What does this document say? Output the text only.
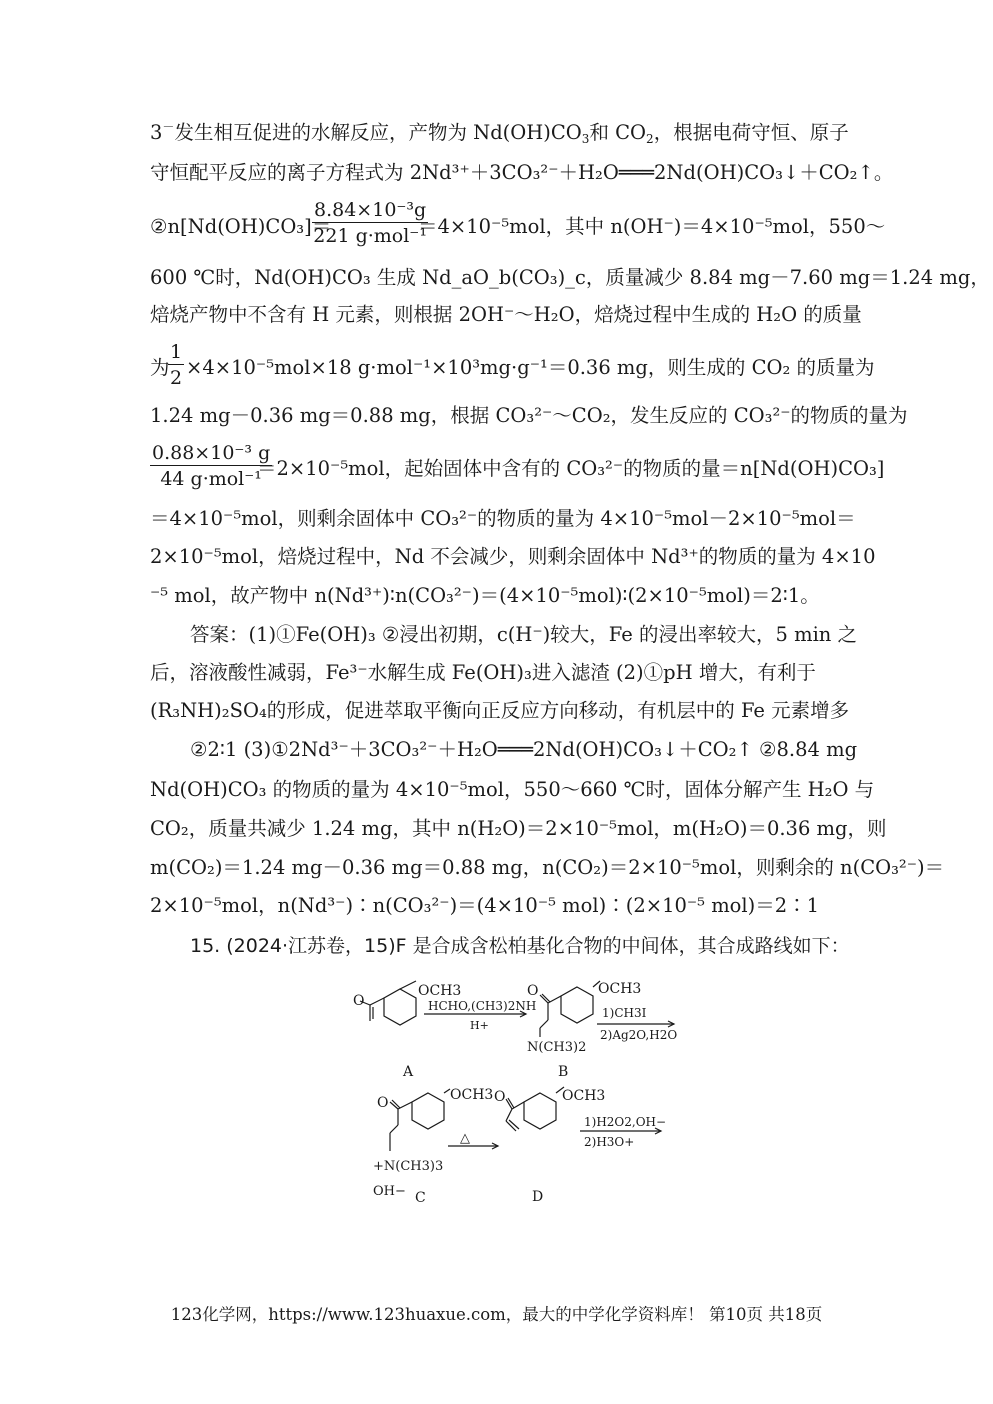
3－发生相互促进的水解反应，产物为 $Nd(OH)CO_3$和 $CO_2$，根据电荷守恒、原子
守恒配平反应的离子方程式为 2Nd³⁺＋3CO₃²⁻＋H₂O═══2Nd(OH)CO₃↓＋CO₂↑。
②n[Nd(OH)CO₃]＝
8.84×10⁻³g
221 g·mol⁻¹
＝4×10⁻⁵mol，其中 n(OH⁻)＝4×10⁻⁵mol，550～
600 ℃时，Nd(OH)CO₃ 生成 Nd_aO_b(CO₃)_c，质量减少 8.84 mg－7.60 mg＝1.24 mg，
焙烧产物中不含有 H 元素，则根据 2OH⁻～H₂O，焙烧过程中生成的 H₂O 的质量
为
$\frac{1}{2} \times 4\times 10^{-5}mol\times 18$ g·mol⁻¹×10³mg·g⁻¹＝0.36 mg，则生成的 CO₂ 的质量为
1.24 mg－0.36 mg＝0.88 mg，根据 CO₃²⁻～CO₂，发生反应的 CO₃²⁻的物质的量为
0.88×10⁻³ g
44 g·mol⁻¹
＝2×10⁻⁵mol，起始固体中含有的 CO₃²⁻的物质的量＝n[Nd(OH)CO₃]
＝4×10⁻⁵mol，则剩余固体中 CO₃²⁻的物质的量为 4×10⁻⁵mol－2×10⁻⁵mol＝
2×10⁻⁵mol，焙烧过程中，Nd 不会减少，则剩余固体中 Nd³⁺的物质的量为 4×10
⁻⁵ mol，故产物中 n(Nd³⁺)∶n(CO₃²⁻)＝(4×10⁻⁵mol)∶(2×10⁻⁵mol)＝2∶1。
答案：(1)①Fe(OH)₃ ②浸出初期，c(H⁻)较大，Fe 的浸出率较大，5 min 之
后，溶液酸性减弱，Fe³⁻水解生成 Fe(OH)₃进入滤渣 (2)①pH 增大，有利于
(R₃NH)₂SO₄的形成，促进萃取平衡向正反应方向移动，有机层中的 Fe 元素增多
②2∶1 (3)①2Nd³⁻＋3CO₃²⁻＋H₂O═══2Nd(OH)CO₃↓＋CO₂↑ ②8.84 mg
Nd(OH)CO₃ 的物质的量为 4×10⁻⁵mol，550～660 ℃时，固体分解产生 H₂O 与
CO₂，质量共减少 1.24 mg，其中 n(H₂O)＝2×10⁻⁵mol，m(H₂O)＝0.36 mg，则
m(CO₂)＝1.24 mg－0.36 mg＝0.88 mg，n(CO₂)＝2×10⁻⁵mol，则剩余的 n(CO₃²⁻)＝
2×10⁻⁵mol，n(Nd³⁻)∶n(CO₃²⁻)＝(4×10⁻⁵ mol)∶(2×10⁻⁵ mol)＝2∶1
15. (2024·江苏卷，15)F 是合成含松柏基化合物的中间体，其合成路线如下：
OCH3
O
A
HCHO,(CH3)2NH
H+
OCH3
O
N(CH3)2
B
1)CH3I
2)Ag2O,H2O
OCH3
O
+N(CH3)3
OH− C
△
OCH3
O
D
1)H2O2,OH−
2)H3O+
123化学网，https://www.123huaxue.com，最大的中学化学资料库！ 第10页 共18页
